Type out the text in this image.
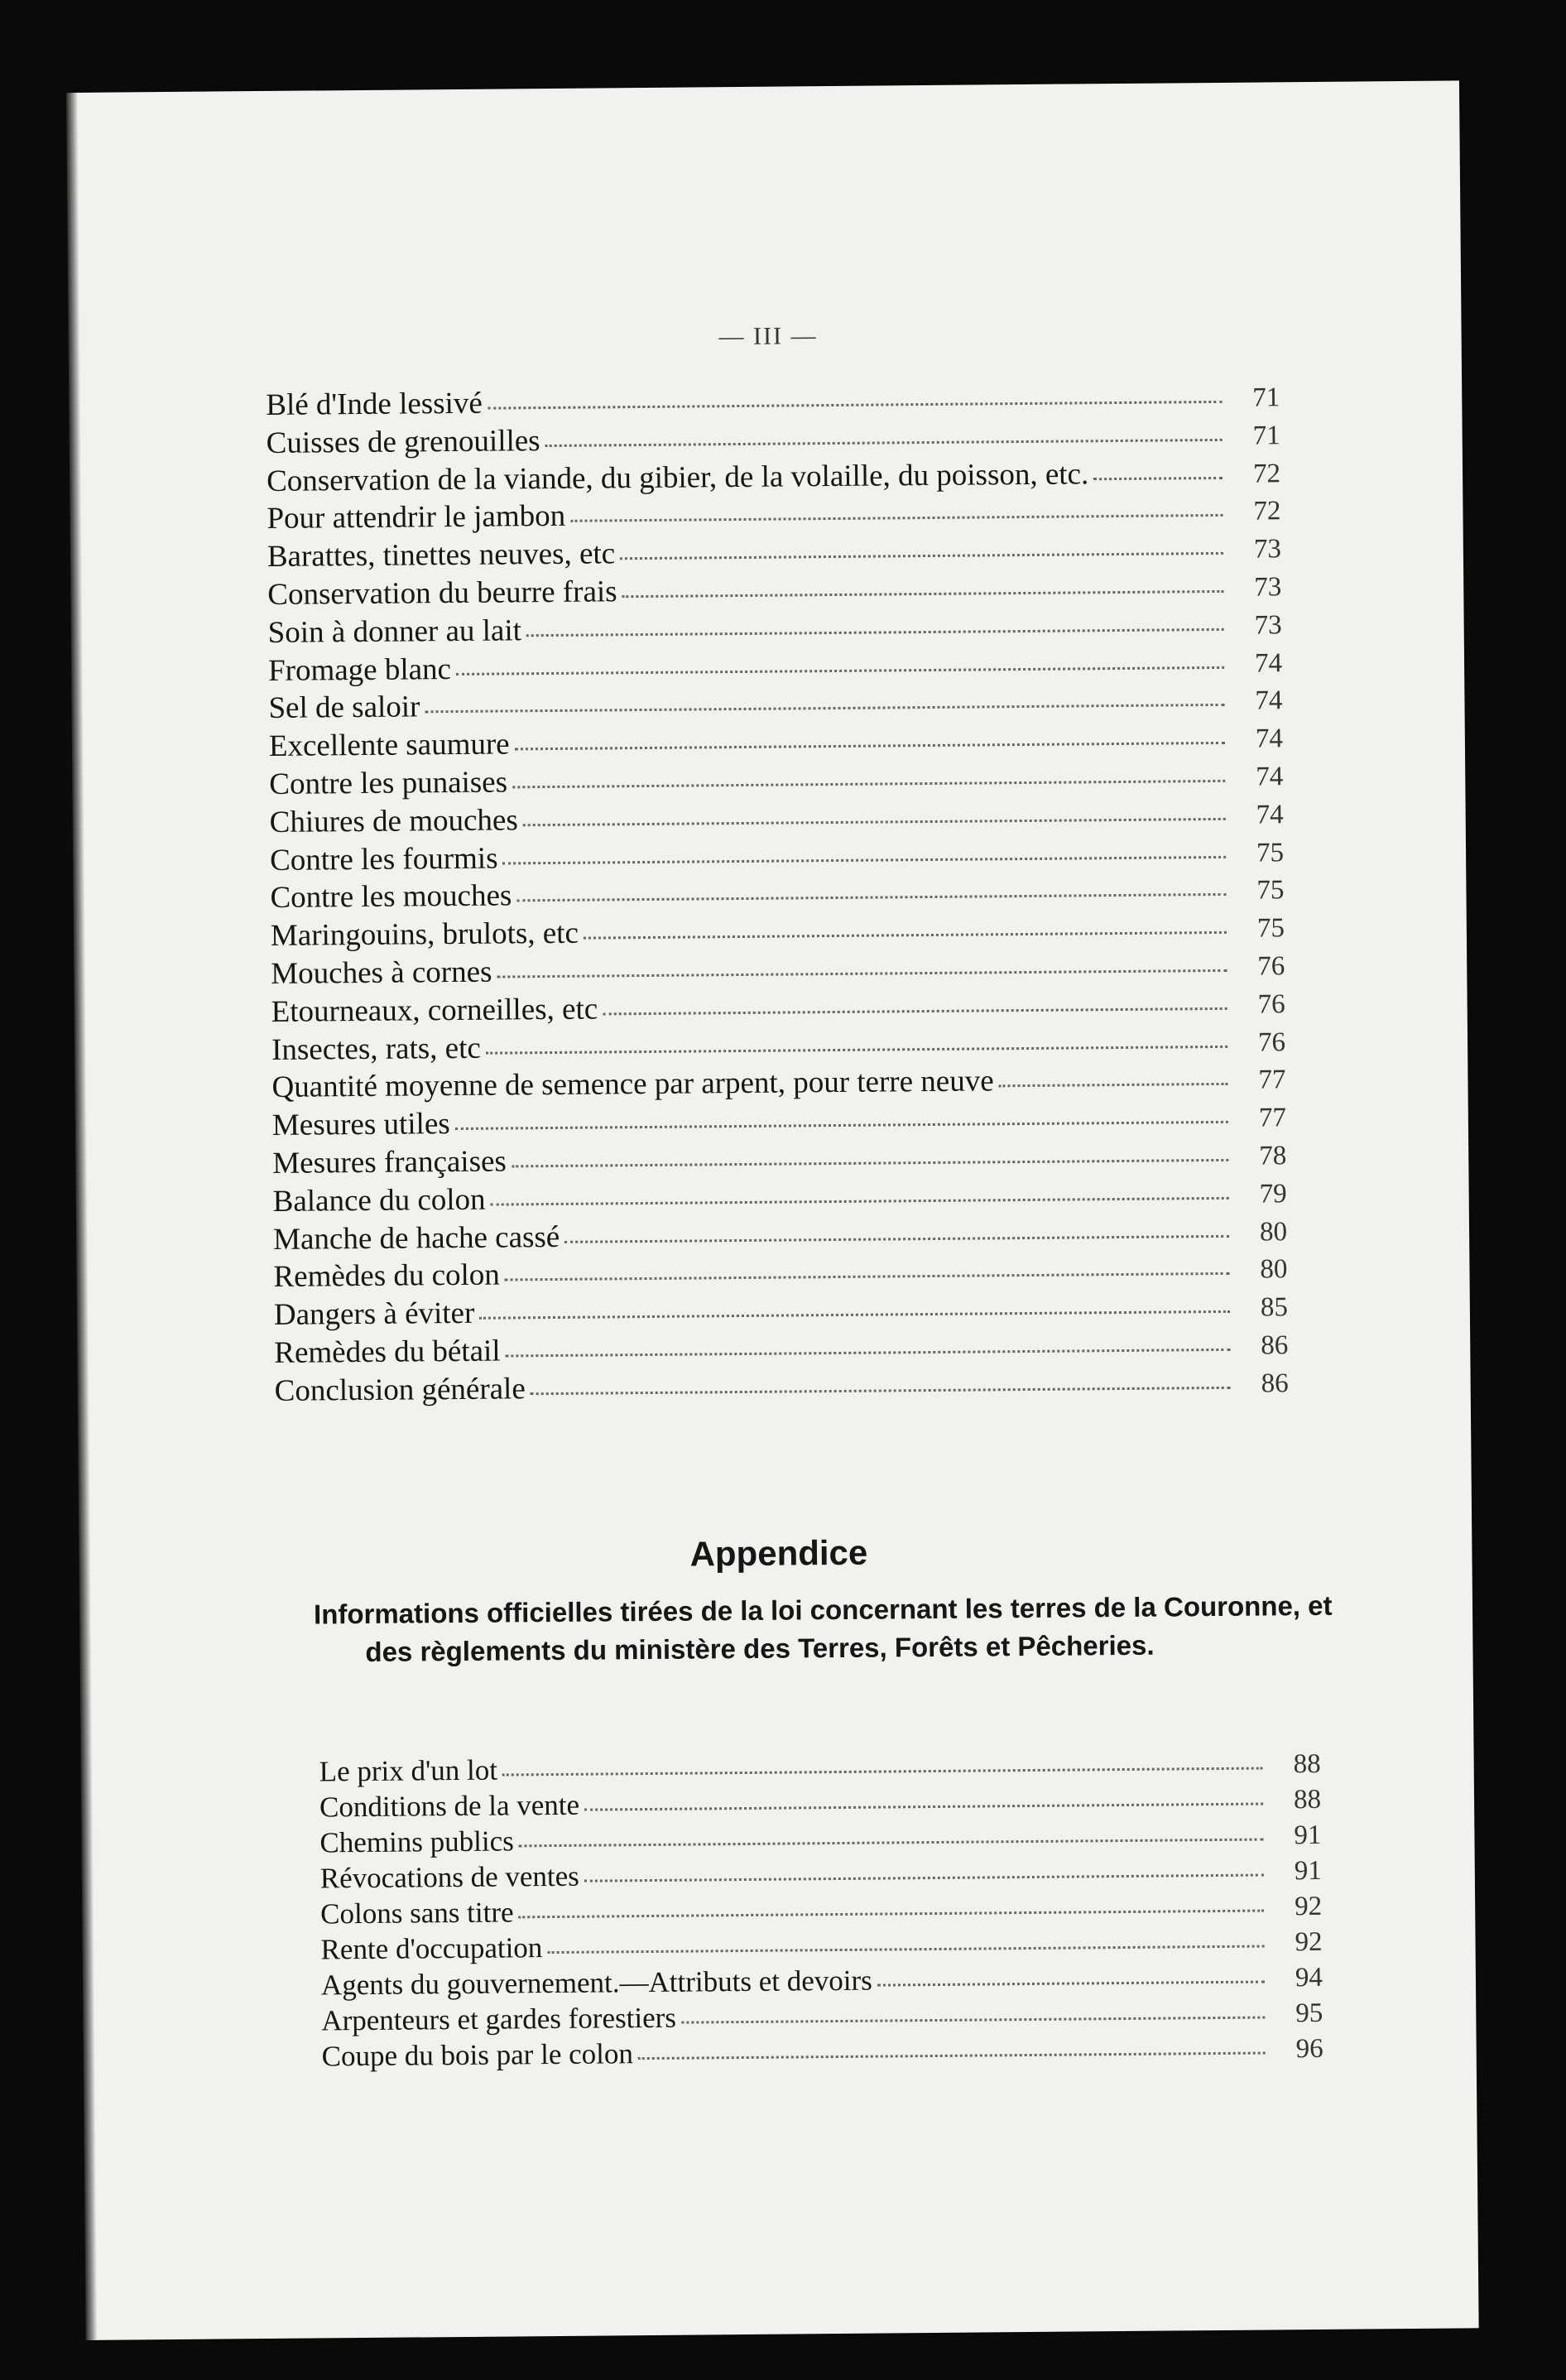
— III —
Blé d'Inde lessivé	71
Cuisses de grenouilles	71
Conservation de la viande, du gibier, de la volaille, du poisson, etc.	72
Pour attendrir le jambon	72
Barattes, tinettes neuves, etc	73
Conservation du beurre frais	73
Soin à donner au lait	73
Fromage blanc	74
Sel de saloir	74
Excellente saumure	74
Contre les punaises	74
Chiures de mouches	74
Contre les fourmis	75
Contre les mouches	75
Maringouins, brulots, etc	75
Mouches à cornes	76
Etourneaux, corneilles, etc	76
Insectes, rats, etc	76
Quantité moyenne de semence par arpent, pour terre neuve	77
Mesures utiles	77
Mesures françaises	78
Balance du colon	79
Manche de hache cassé	80
Remèdes du colon	80
Dangers à éviter	85
Remèdes du bétail	86
Conclusion générale	86
Appendice
Informations officielles tirées de la loi concernant les terres de la Couronne, et des règlements du ministère des Terres, Forêts et Pêcheries.
Le prix d'un lot	88
Conditions de la vente	88
Chemins publics	91
Révocations de ventes	91
Colons sans titre	92
Rente d'occupation	92
Agents du gouvernement.—Attributs et devoirs	94
Arpenteurs et gardes forestiers	95
Coupe du bois par le colon	96
